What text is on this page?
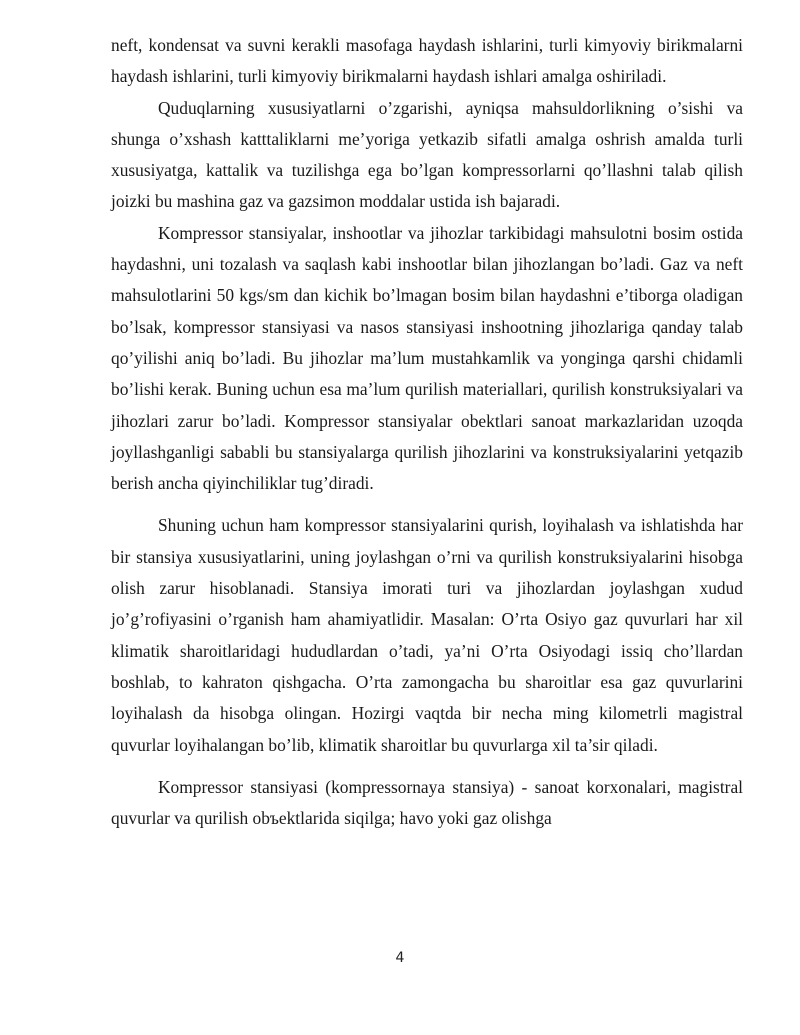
neft, kondensat va suvni kerakli masofaga haydash ishlarini, turli kimyoviy birikmalarni haydash ishlarini, turli kimyoviy birikmalarni haydash ishlari amalga oshiriladi.

Quduqlarning xususiyatlarni o’zgarishi, ayniqsa mahsuldorlikning o’sishi va shunga o’xshash katttaliklarni me’yoriga yetkazib sifatli amalga oshrish amalda turli xususiyatga, kattalik va tuzilishga ega bo’lgan kompressorlarni qo’llashni talab qilish joizki bu mashina gaz va gazsimon moddalar ustida ish bajaradi.

Kompressor stansiyalar, inshootlar va jihozlar tarkibidagi mahsulotni bosim ostida haydashni, uni tozalash va saqlash kabi inshootlar bilan jihozlangan bo’ladi. Gaz va neft mahsulotlarini 50 kgs/sm dan kichik bo’lmagan bosim bilan haydashni e’tiborga oladigan bo’lsak, kompressor stansiyasi va nasos stansiyasi inshootning jihozlariga qanday talab qo’yilishi aniq bo’ladi. Bu jihozlar ma’lum mustahkamlik va yonginga qarshi chidamli bo’lishi kerak. Buning uchun esa ma’lum qurilish materiallari, qurilish konstruksiyalari va jihozlari zarur bo’ladi. Kompressor stansiyalar obektlari sanoat markazlaridan uzoqda joyllashganligi sababli bu stansiyalarga qurilish jihozlarini va konstruksiyalarini yetqazib berish ancha qiyinchiliklar tug’diradi.

Shuning uchun ham kompressor stansiyalarini qurish, loyihalash va ishlatishda har bir stansiya xususiyatlarini, uning joylashgan o’rni va qurilish konstruksiyalarini hisobga olish zarur hisoblanadi. Stansiya imorati turi va jihozlardan joylashgan xudud jo’g’rofiyasini o’rganish ham ahamiyatlidir. Masalan: O’rta Osiyo gaz quvurlari har xil klimatik sharoitlaridagi hududlardan o’tadi, ya’ni O’rta Osiyodagi issiq cho’llardan boshlab, to kahraton qishgacha. O’rta zamongacha bu sharoitlar esa gaz quvurlarini loyihalash da hisobga olingan. Hozirgi vaqtda bir necha ming kilometrli magistral quvurlar loyihalangan bo’lib, klimatik sharoitlar bu quvurlarga xil ta’sir qiladi.

Kompressor stansiyasi (kompressornaya stansiya) - sanoat korxonalari, magistral quvurlar va qurilish obъektlarida siqilga; havo yoki gaz olishga

4
